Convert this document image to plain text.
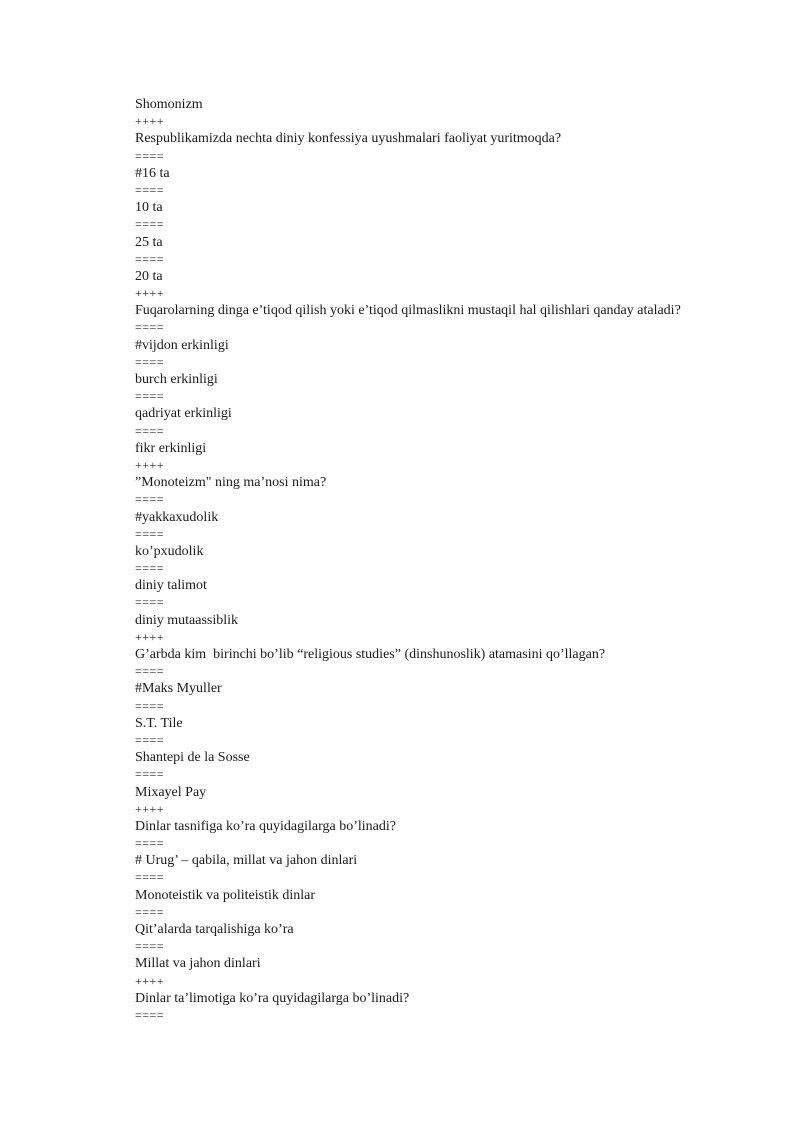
Shomonizm
++++
Respublikamizda nechta diniy konfessiya uyushmalari faoliyat yuritmoqda?
====
#16 ta
====
10 ta
====
25 ta
====
20 ta
++++
Fuqarolarning dinga e’tiqod qilish yoki e’tiqod qilmaslikni mustaqil hal qilishlari qanday ataladi?
====
#vijdon erkinligi
====
burch erkinligi
====
qadriyat erkinligi
====
fikr erkinligi
++++
”Monoteizm" ning ma’nosi nima?
====
#yakkaxudolik
====
ko’pxudolik
====
diniy talimot
====
diniy mutaassiblik
++++
G’arbda kim  birinchi bo’lib “religious studies” (dinshunoslik) atamasini qo’llagan?
====
#Maks Myuller
====
S.T. Tile
====
Shantepi de la Sosse
====
Mixayel Pay
++++
Dinlar tasnifiga ko’ra quyidagilarga bo’linadi?
====
# Urug’ – qabila, millat va jahon dinlari
====
Monoteistik va politeistik dinlar
====
Qit’alarda tarqalishiga ko’ra
====
Millat va jahon dinlari
++++
Dinlar ta’limotiga ko’ra quyidagilarga bo’linadi?
====
